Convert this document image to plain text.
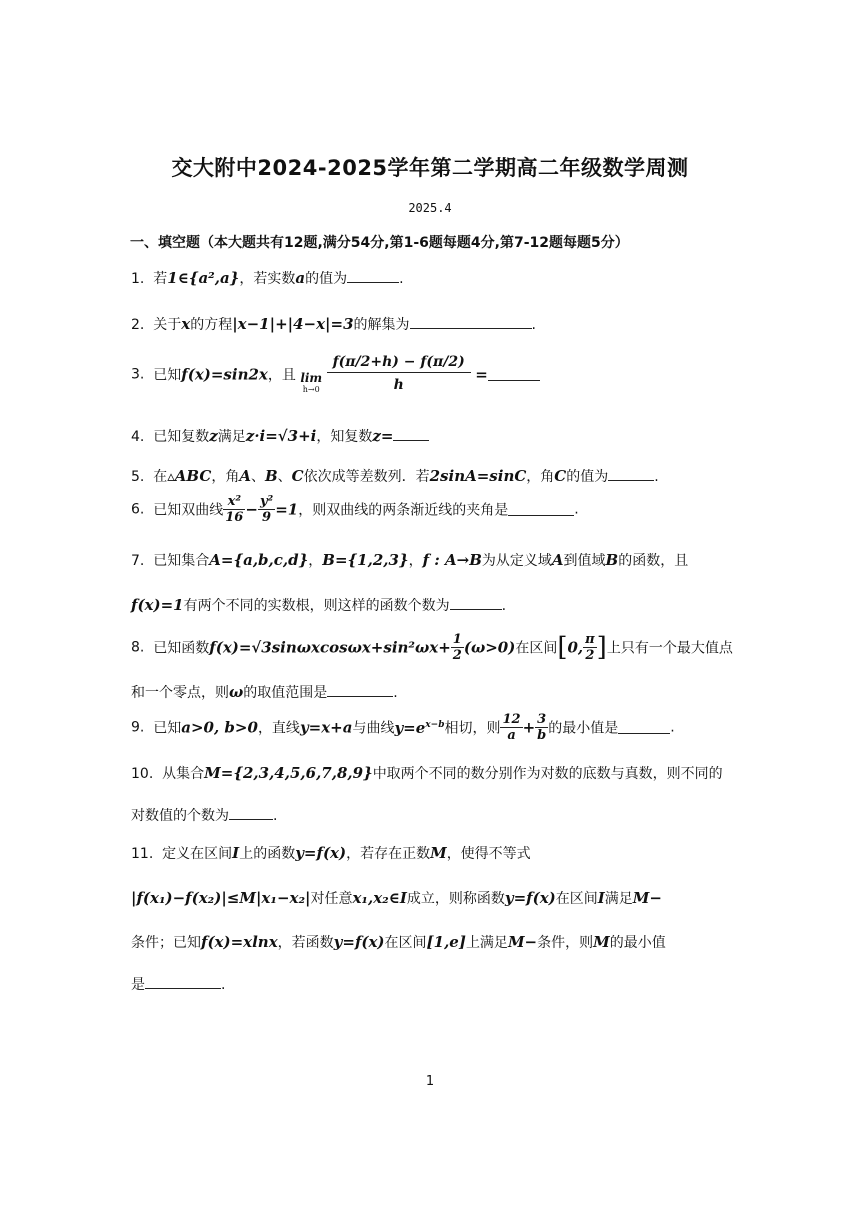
交大附中2024-2025学年第二学期高二年级数学周测
2025.4
一、填空题（本大题共有12题,满分54分,第1-6题每题4分,第7-12题每题5分）
1. 若1∈{a²,a}，若实数a的值为	.
2. 关于x的方程|x−1|+|4−x|=3的解集为	.
3. 已知f(x)=sin2x，且 lim
h→0
$\frac{f(\pi/2+h) - f(\pi/2)}{h}$ =
4. 已知复数z满足z·i=√3+i，知复数z=
5. 在▵ABC，角A、B、C依次成等差数列．若2sinA=sinC，角C的值为	.
6. 已知双曲线 $\frac{\text{x²}}{16} - \frac{\text{y²}}{9} =1$，则双曲线的两条渐近线的夹角是	.
7. 已知集合A={a,b,c,d}，B={1,2,3}，f : A→B为从定义域A到值域B的函数，且
f(x)=1有两个不同的实数根，则这样的函数个数为	.
8. 已知函数$f(x)=√3\sin\omega xcos\omega x+\sin^2\omega x+ \frac{1}{2} (\omega>0)$在区间[0, $\frac{\pi}{2}$ ]上只有一个最大值点
和一个零点，则ω的取值范围是	.
9. 已知a>0, b>0，直线y=x+a与曲线$y=e^{x-b}$相切，则 $\frac{12}{a} + \frac{3}{b}$ 的最小值是	.
10. 从集合M={2,3,4,5,6,7,8,9}中取两个不同的数分别作为对数的底数与真数，则不同的
对数值的个数为	.
11. 定义在区间I上的函数y=f(x)，若存在正数M，使得不等式
|f(x₁)−f(x₂)|≤M|x₁−x₂|对任意x₁,x₂∈I成立，则称函数y=f(x)在区间I满足M−
条件；已知f(x)=xlnx，若函数y=f(x)在区间[1,e]上满足M−条件，则M的最小值
是	.
1
